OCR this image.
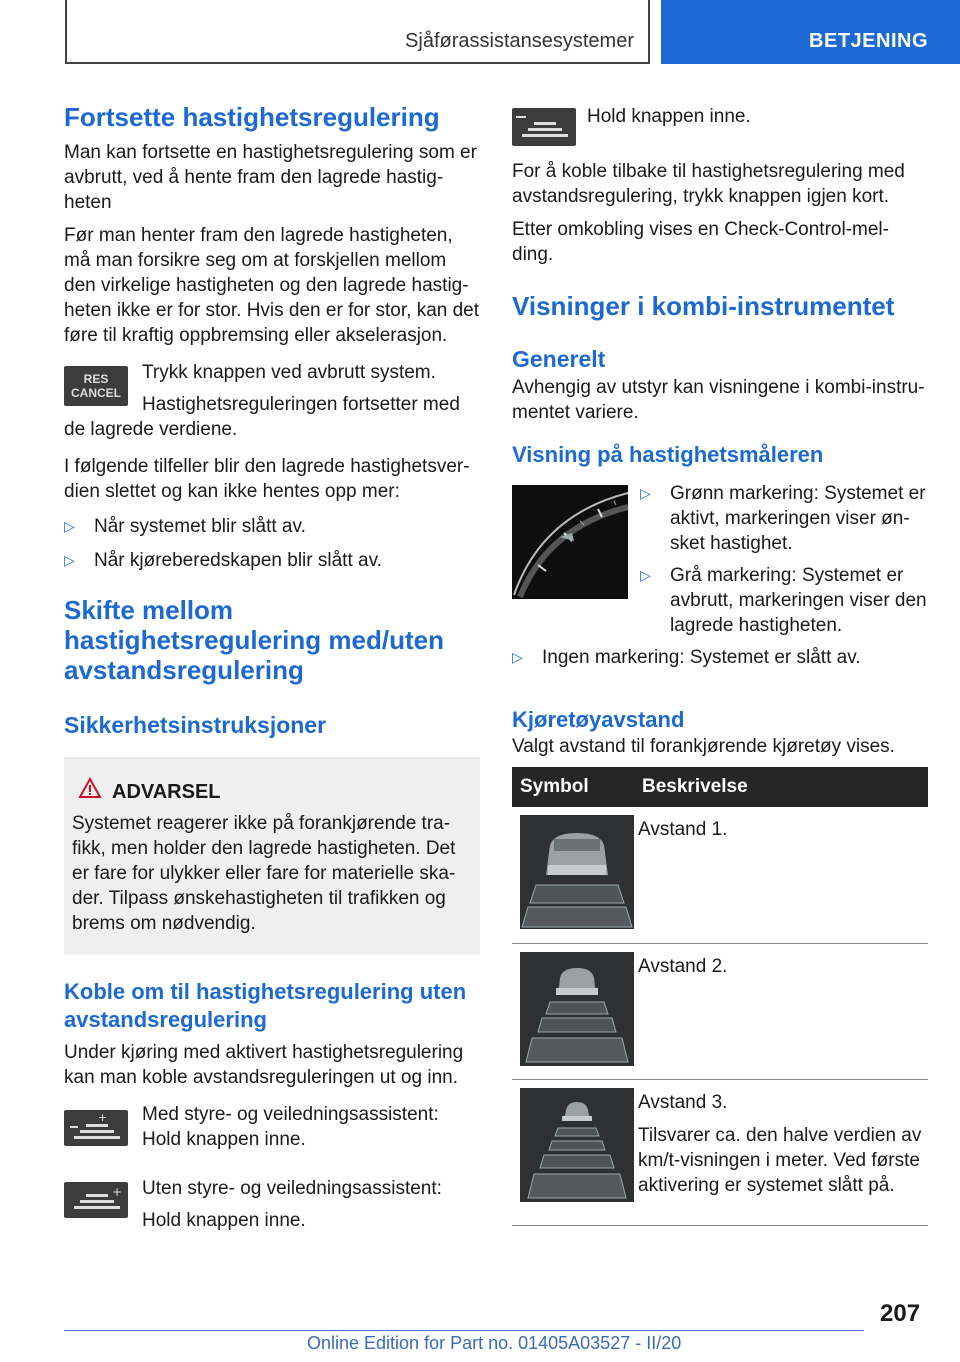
Sjåførassistansesystemer	BETJENING
Fortsette hastighetsregulering

Man kan fortsette en hastighetsregulering som er avbrutt, ved å hente fram den lagrede hastig-heten

Før man henter fram den lagrede hastigheten, må man forsikre seg om at forskjellen mellom den virkelige hastigheten og den lagrede hastig-heten ikke er for stor. Hvis den er for stor, kan det føre til kraftig oppbremsing eller akselerasjon.

RES
CANCEL

Trykk knappen ved avbrutt system.

Hastighetsreguleringen fortsetter med de lagrede verdiene.

I følgende tilfeller blir den lagrede hastighetsver-dien slettet og kan ikke hentes opp mer:

▷	Når systemet blir slått av.
▷	Når kjøreberedskapen blir slått av.
Skifte mellom hastighetsregulering med/uten avstandsregulering
Sikkerhetsinstruksjoner
ADVARSEL

Systemet reagerer ikke på forankjørende tra-fikk, men holder den lagrede hastigheten. Det er fare for ulykker eller fare for materielle ska-der. Tilpass ønskehastigheten til trafikken og brems om nødvendig.

Koble om til hastighetsregulering uten avstandsregulering

Under kjøring med aktivert hastighetsregulering kan man koble avstandsreguleringen ut og inn.

+ Med styre- og veiledningsassistent: Hold knappen inne.

+ Uten styre- og veiledningsassistent:

Hold knappen inne.

Hold knappen inne.

For å koble tilbake til hastighetsregulering med avstandsregulering, trykk knappen igjen kort.

Etter omkobling vises en Check-Control-mel-ding.

Visninger i kombi-instrumentet
Generelt

Avhengig av utstyr kan visningene i kombi-instru-mentet variere.

Visning på hastighetsmåleren
▷	Grønn markering: Systemet er aktivt, markeringen viser øn-sket hastighet.
▷	Grå markering: Systemet er avbrutt, markeringen viser den lagrede hastigheten.
▷	Ingen markering: Systemet er slått av.
Kjøretøyavstand

Valgt avstand til forankjørende kjøretøy vises.

Symbol	Beskrivelse

Avstand 1.

Avstand 2.

Avstand 3.
Tilsvarer ca. den halve verdien av km/t-visningen i meter. Ved første aktivering er systemet slått på.
207
Online Edition for Part no. 01405A03527 - II/20
